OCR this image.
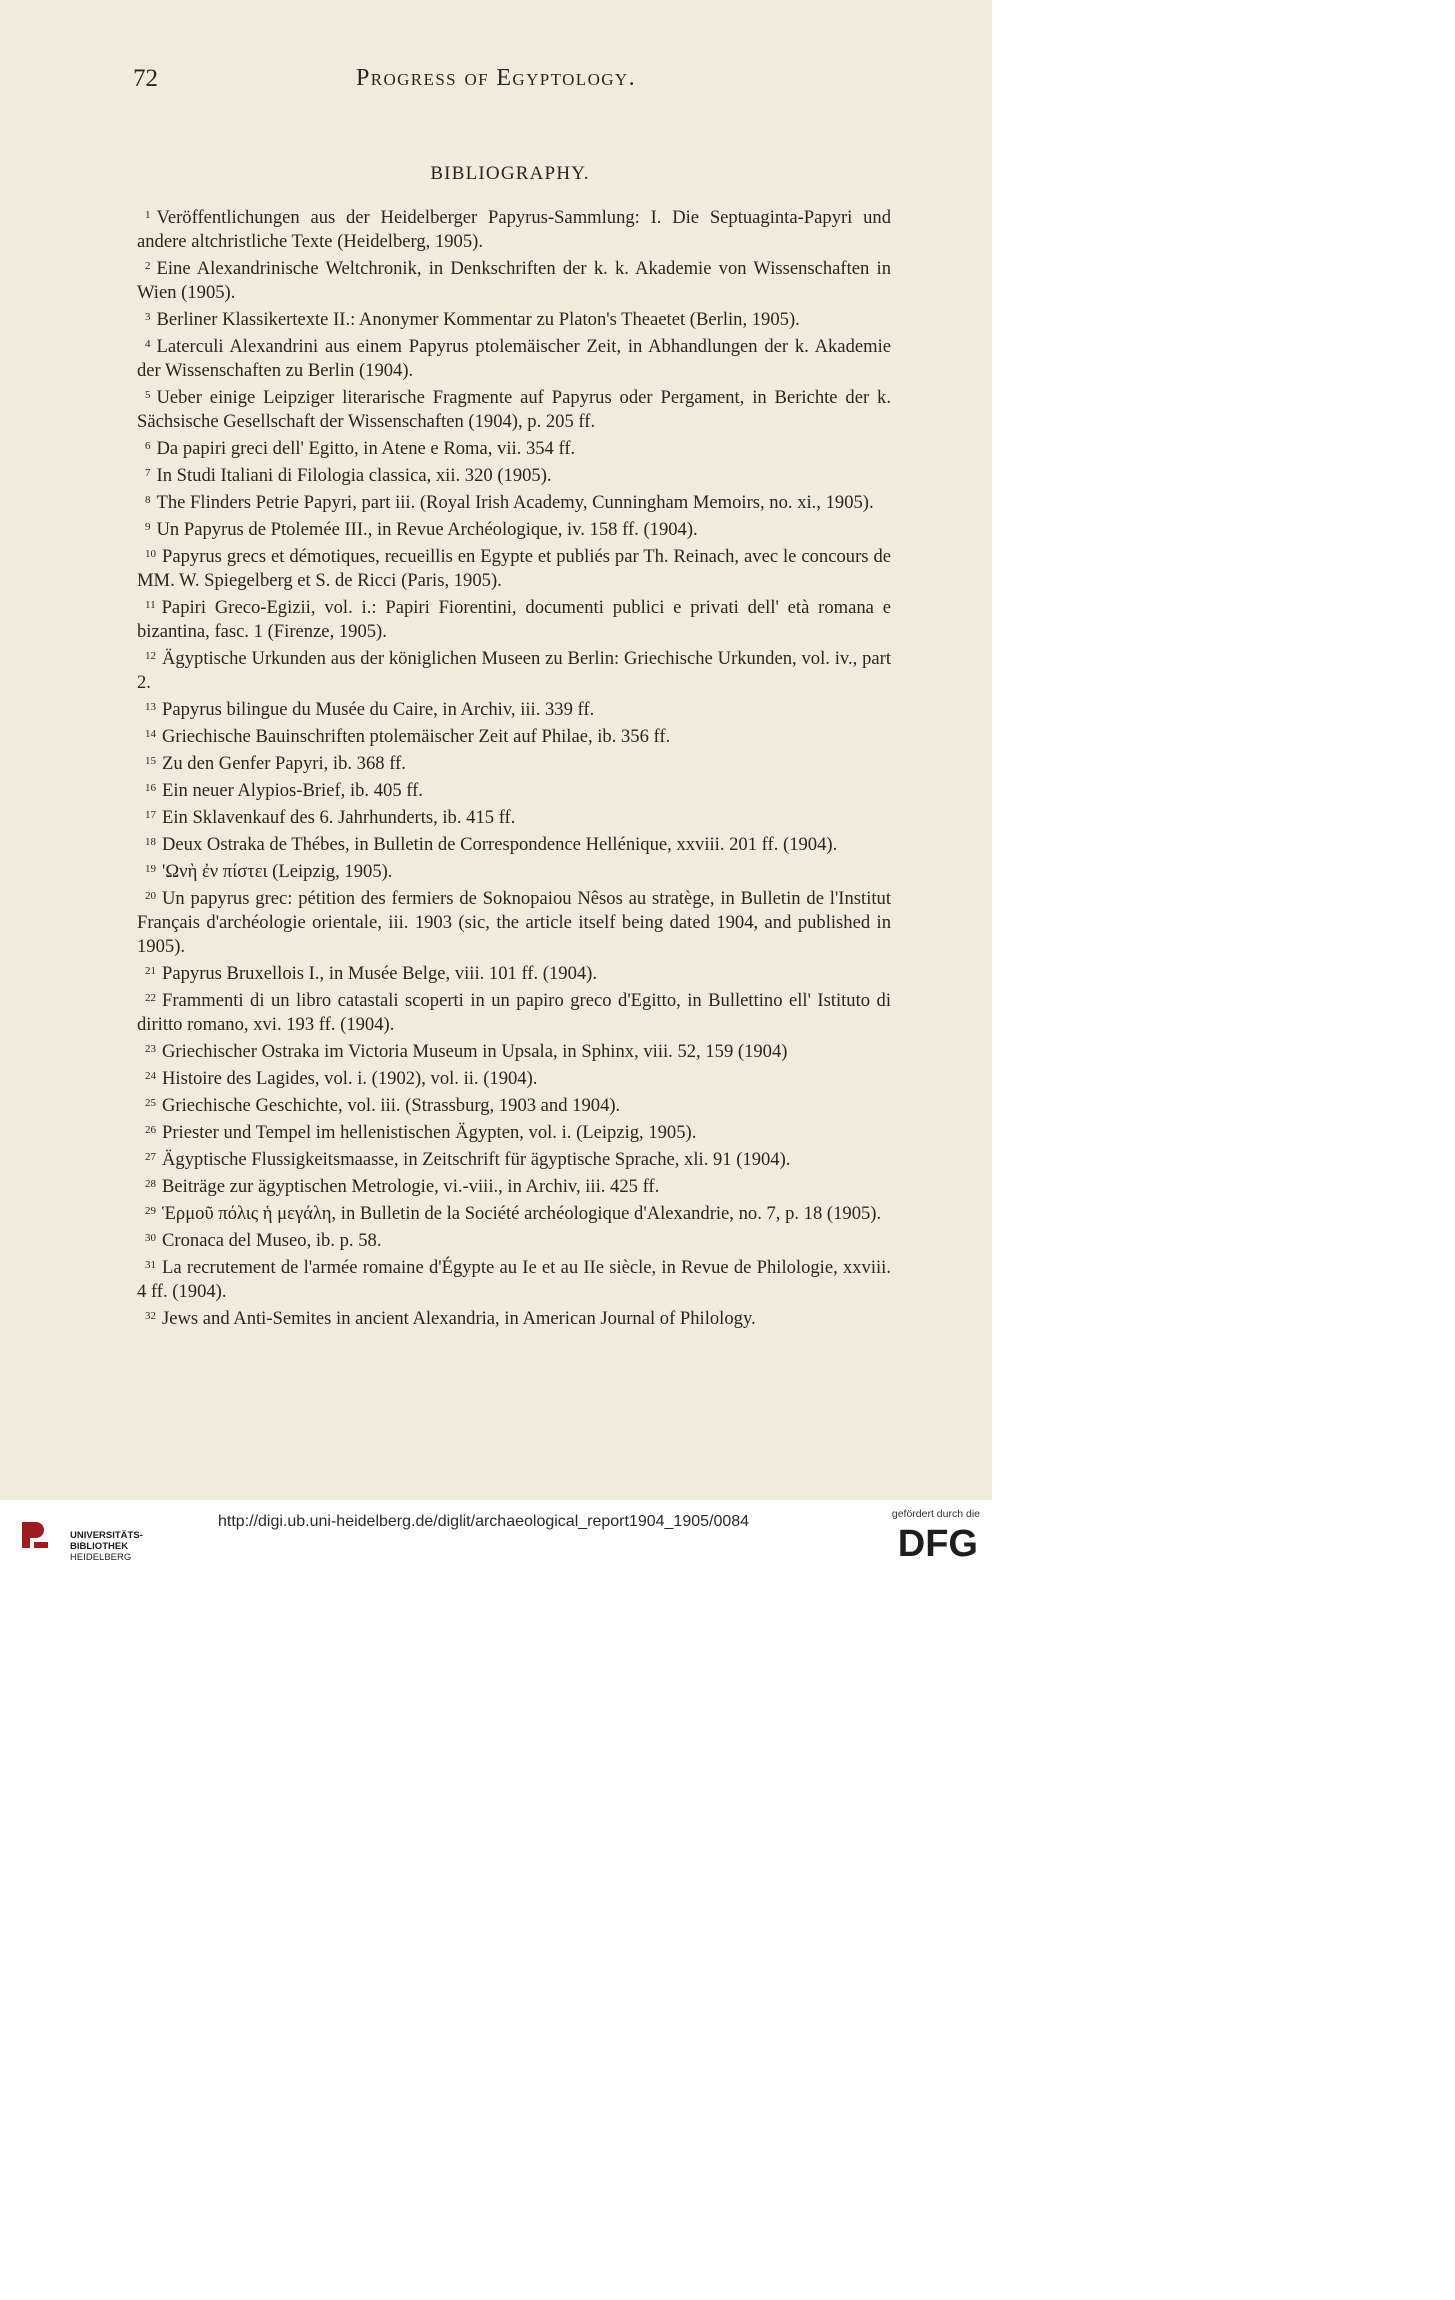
72	Progress of Egyptology.
BIBLIOGRAPHY.

$^1$ Veröffentlichungen aus der Heidelberger Papyrus-Sammlung: I. Die Septuaginta-Papyri und andere altchristliche Texte (Heidelberg, 1905).

$^2$ Eine Alexandrinische Weltchronik, in Denkschriften der k. k. Akademie von Wissenschaften in Wien (1905).

$^3$ Berliner Klassikertexte II.: Anonymer Kommentar zu Platon's Theaetet (Berlin, 1905).

$^4$ Laterculi Alexandrini aus einem Papyrus ptolemäischer Zeit, in Abhandlungen der k. Akademie der Wissenschaften zu Berlin (1904).

$^5$ Ueber einige Leipziger literarische Fragmente auf Papyrus oder Pergament, in Berichte der k. Sächsische Gesellschaft der Wissenschaften (1904), p. 205 ff.

$^6$ Da papiri greci dell' Egitto, in Atene e Roma, vii. 354 ff.

$^7$ In Studi Italiani di Filologia classica, xii. 320 (1905).

$^8$ The Flinders Petrie Papyri, part iii. (Royal Irish Academy, Cunningham Memoirs, no. xi., 1905).

$^9$ Un Papyrus de Ptolemée III., in Revue Archéologique, iv. 158 ff. (1904).

$^{10}$ Papyrus grecs et démotiques, recueillis en Egypte et publiés par Th. Reinach, avec le concours de MM. W. Spiegelberg et S. de Ricci (Paris, 1905).

$^{11}$ Papiri Greco-Egizii, vol. i.: Papiri Fiorentini, documenti publici e privati dell' età romana e bizantina, fasc. 1 (Firenze, 1905).

$^{12}$ Ägyptische Urkunden aus der königlichen Museen zu Berlin: Griechische Urkunden, vol. iv., part 2.

$^{13}$ Papyrus bilingue du Musée du Caire, in Archiv, iii. 339 ff.

$^{14}$ Griechische Bauinschriften ptolemäischer Zeit auf Philae, ib. 356 ff.

$^{15}$ Zu den Genfer Papyri, ib. 368 ff.

$^{16}$ Ein neuer Alypios-Brief, ib. 405 ff.

$^{17}$ Ein Sklavenkauf des 6. Jahrhunderts, ib. 415 ff.

$^{18}$ Deux Ostraka de Thébes, in Bulletin de Correspondence Hellénique, xxviii. 201 ff. (1904).

$^{19}$ 'Ωνὴ ἐν πίστει (Leipzig, 1905).

$^{20}$ Un papyrus grec: pétition des fermiers de Soknopaiou Nêsos au stratège, in Bulletin de l'Institut Français d'archéologie orientale, iii. 1903 (sic, the article itself being dated 1904, and published in 1905).

$^{21}$ Papyrus Bruxellois I., in Musée Belge, viii. 101 ff. (1904).

$^{22}$ Frammenti di un libro catastali scoperti in un papiro greco d'Egitto, in Bullettino ell' Istituto di diritto romano, xvi. 193 ff. (1904).

$^{23}$ Griechischer Ostraka im Victoria Museum in Upsala, in Sphinx, viii. 52, 159 (1904)

$^{24}$ Histoire des Lagides, vol. i. (1902), vol. ii. (1904).

$^{25}$ Griechische Geschichte, vol. iii. (Strassburg, 1903 and 1904).

$^{26}$ Priester und Tempel im hellenistischen Ägypten, vol. i. (Leipzig, 1905).

$^{27}$ Ägyptische Flussigkeitsmaasse, in Zeitschrift für ägyptische Sprache, xli. 91 (1904).

$^{28}$ Beiträge zur ägyptischen Metrologie, vi.-viii., in Archiv, iii. 425 ff.

$^{29}$ Ἑρμοῦ πόλις ἡ μεγάλη, in Bulletin de la Société archéologique d'Alexandrie, no. 7, p. 18 (1905).

$^{30}$ Cronaca del Museo, ib. p. 58.

$^{31}$ La recrutement de l'armée romaine d'Égypte au Ie et au IIe siècle, in Revue de Philologie, xxviii. 4 ff. (1904).

$^{32}$ Jews and Anti-Semites in ancient Alexandria, in American Journal of Philology.

UNIVERSITÄTS-
BIBLIOTHEK
HEIDELBERG
http://digi.ub.uni-heidelberg.de/diglit/archaeological_report1904_1905/0084	gefördert durch die
DFG
